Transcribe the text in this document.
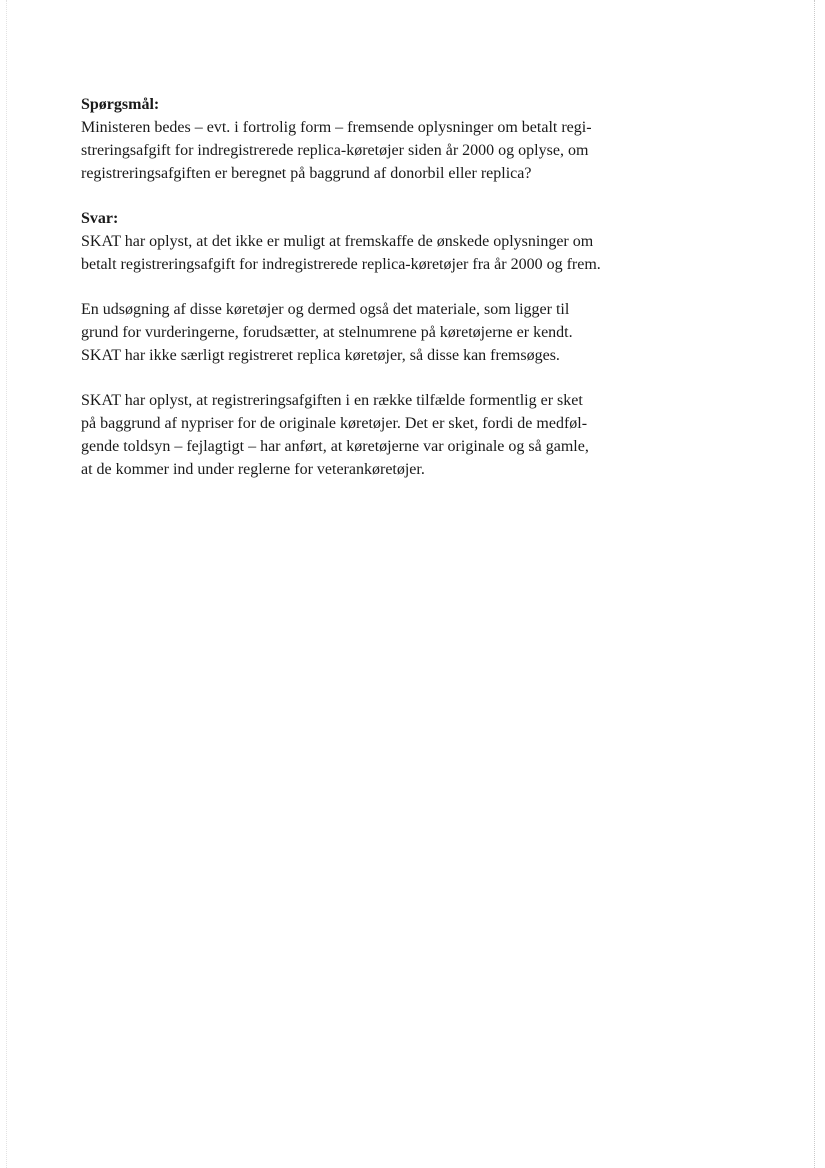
Spørgsmål:

Ministeren bedes – evt. i fortrolig form – fremsende oplysninger om betalt regi-
streringsafgift for indregistrerede replica-køretøjer siden år 2000 og oplyse, om
registreringsafgiften er beregnet på baggrund af donorbil eller replica?

Svar:

SKAT har oplyst, at det ikke er muligt at fremskaffe de ønskede oplysninger om
betalt registreringsafgift for indregistrerede replica-køretøjer fra år 2000 og frem.

En udsøgning af disse køretøjer og dermed også det materiale, som ligger til
grund for vurderingerne, forudsætter, at stelnumrene på køretøjerne er kendt.
SKAT har ikke særligt registreret replica køretøjer, så disse kan fremsøges.

SKAT har oplyst, at registreringsafgiften i en række tilfælde formentlig er sket
på baggrund af nypriser for de originale køretøjer. Det er sket, fordi de medføl-
gende toldsyn – fejlagtigt – har anført, at køretøjerne var originale og så gamle,
at de kommer ind under reglerne for veterankøretøjer.
